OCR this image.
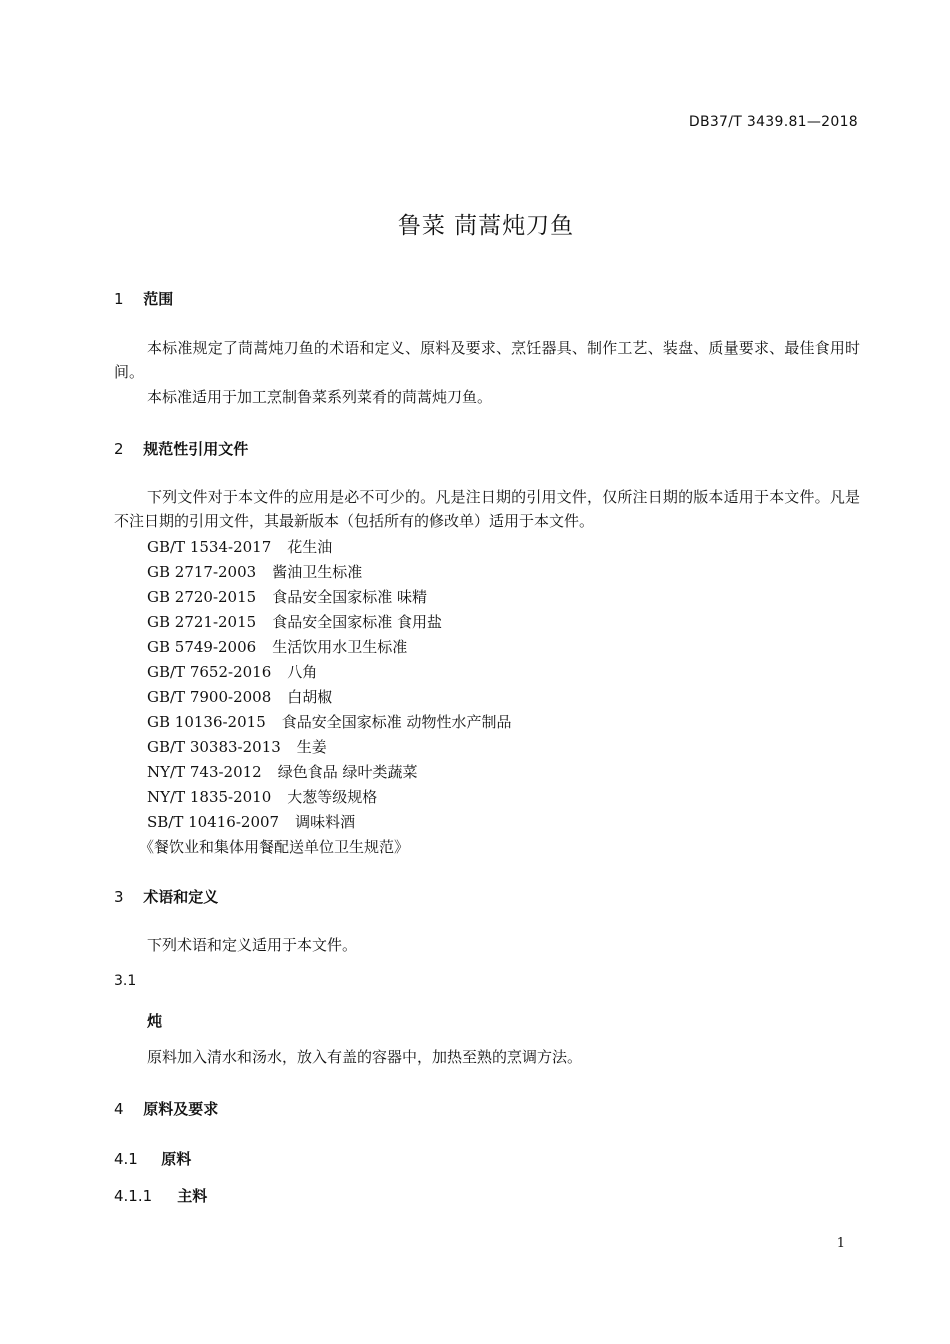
DB37/T 3439.81—2018
鲁菜 茼蒿炖刀鱼
1 范围
本标准规定了茼蒿炖刀鱼的术语和定义、原料及要求、烹饪器具、制作工艺、装盘、质量要求、最佳食用时间。
本标准适用于加工烹制鲁菜系列菜肴的茼蒿炖刀鱼。
2 规范性引用文件
下列文件对于本文件的应用是必不可少的。凡是注日期的引用文件，仅所注日期的版本适用于本文件。凡是不注日期的引用文件，其最新版本（包括所有的修改单）适用于本文件。
GB/T 1534-2017 花生油
GB 2717-2003 酱油卫生标准
GB 2720-2015 食品安全国家标准 味精
GB 2721-2015 食品安全国家标准 食用盐
GB 5749-2006 生活饮用水卫生标准
GB/T 7652-2016 八角
GB/T 7900-2008 白胡椒
GB 10136-2015 食品安全国家标准 动物性水产制品
GB/T 30383-2013 生姜
NY/T 743-2012 绿色食品 绿叶类蔬菜
NY/T 1835-2010 大葱等级规格
SB/T 10416-2007 调味料酒
《餐饮业和集体用餐配送单位卫生规范》
3 术语和定义
下列术语和定义适用于本文件。
3.1
炖
原料加入清水和汤水，放入有盖的容器中，加热至熟的烹调方法。
4 原料及要求
4.1 原料
4.1.1 主料
1
